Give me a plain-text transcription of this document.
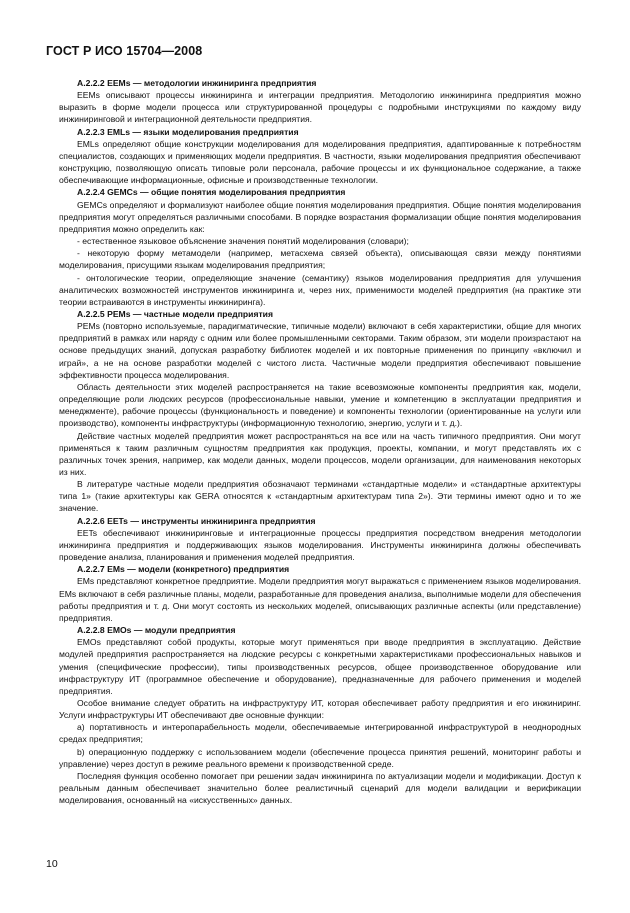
ГОСТ Р ИСО 15704—2008

А.2.2.2 EEMs — методологии инжиниринга предприятия

EEMs описывают процессы инжиниринга и интеграции предприятия. Методологию инжиниринга предприятия можно выразить в форме модели процесса или структурированной процедуры с подробными инструкциями по каждому виду инжиниринговой и интеграционной деятельности предприятия.

А.2.2.3 EMLs — языки моделирования предприятия

EMLs определяют общие конструкции моделирования для моделирования предприятия, адаптированные к потребностям специалистов, создающих и применяющих модели предприятия. В частности, языки моделирования предприятия обеспечивают конструкцию, позволяющую описать типовые роли персонала, рабочие процессы и их функциональное содержание, а также обеспечивающие информационные, офисные и производственные технологии.

А.2.2.4 GEMCs — общие понятия моделирования предприятия

GEMCs определяют и формализуют наиболее общие понятия моделирования предприятия. Общие понятия моделирования предприятия могут определяться различными способами. В порядке возрастания формализации общие понятия моделирования предприятия можно определить как:

- естественное языковое объяснение значения понятий моделирования (словари);

- некоторую форму метамодели (например, метасхема связей объекта), описывающая связи между понятиями моделирования, присущими языкам моделирования предприятия;

- онтологические теории, определяющие значение (семантику) языков моделирования предприятия для улучшения аналитических возможностей инструментов инжиниринга и, через них, применимости моделей предприятия (на практике эти теории встраиваются в инструменты инжиниринга).

А.2.2.5 PEMs — частные модели предприятия

PEMs (повторно используемые, парадигматические, типичные модели) включают в себя характеристики, общие для многих предприятий в рамках или наряду с одним или более промышленными секторами. Таким образом, эти модели произрастают на основе предыдущих знаний, допуская разработку библиотек моделей и их повторные применения по принципу «включил и играй», а не на основе разработки моделей с чистого листа. Частичные модели предприятия обеспечивают повышение эффективности процесса моделирования.

Область деятельности этих моделей распространяется на такие всевозможные компоненты предприятия как, модели, определяющие роли людских ресурсов (профессиональные навыки, умение и компетенцию в эксплуатации предприятия и менеджменте), рабочие процессы (функциональность и поведение) и компоненты технологии (ориентированные на услуги или производство), компоненты инфраструктуры (информационную технологию, энергию, услуги и т. д.).

Действие частных моделей предприятия может распространяться на все или на часть типичного предприятия. Они могут применяться к таким различным сущностям предприятия как продукция, проекты, компании, и могут представлять их с различных точек зрения, например, как модели данных, модели процессов, модели организации, для наименования некоторых из них.

В литературе частные модели предприятия обозначают терминами «стандартные модели» и «стандартные архитектуры типа 1» (такие архитектуры как GERA относятся к «стандартным архитектурам типа 2»). Эти термины имеют одно и то же значение.

А.2.2.6 EETs — инструменты инжиниринга предприятия

EETs обеспечивают инжиниринговые и интеграционные процессы предприятия посредством внедрения методологии инжиниринга предприятия и поддерживающих языков моделирования. Инструменты инжиниринга должны обеспечивать проведение анализа, планирования и применения моделей предприятия.

А.2.2.7 EMs — модели (конкретного) предприятия

EMs представляют конкретное предприятие. Модели предприятия могут выражаться с применением языков моделирования. EMs включают в себя различные планы, модели, разработанные для проведения анализа, выполнимые модели для обеспечения работы предприятия и т. д. Они могут состоять из нескольких моделей, описывающих различные аспекты (или представление) предприятия.

А.2.2.8 EMOs — модули предприятия

EMOs представляют собой продукты, которые могут применяться при вводе предприятия в эксплуатацию. Действие модулей предприятия распространяется на людские ресурсы с конкретными характеристиками профессиональных навыков и умения (специфические профессии), типы производственных ресурсов, общее производственное оборудование или инфраструктуру ИТ (программное обеспечение и оборудование), предназначенные для рабочего применения и моделей предприятия.

Особое внимание следует обратить на инфраструктуру ИТ, которая обеспечивает работу предприятия и его инжиниринг. Услуги инфраструктуры ИТ обеспечивают две основные функции:

а) портативность и интеропарабельность модели, обеспечиваемые интегрированной инфраструктурой в неоднородных средах предприятия;

b) операционную поддержку с использованием модели (обеспечение процесса принятия решений, мониторинг работы и управление) через доступ в режиме реального времени к производственной среде.

Последняя функция особенно помогает при решении задач инжиниринга по актуализации модели и модификации. Доступ к реальным данным обеспечивает значительно более реалистичный сценарий для модели валидации и верификации моделирования, основанный на «искусственных» данных.

10
